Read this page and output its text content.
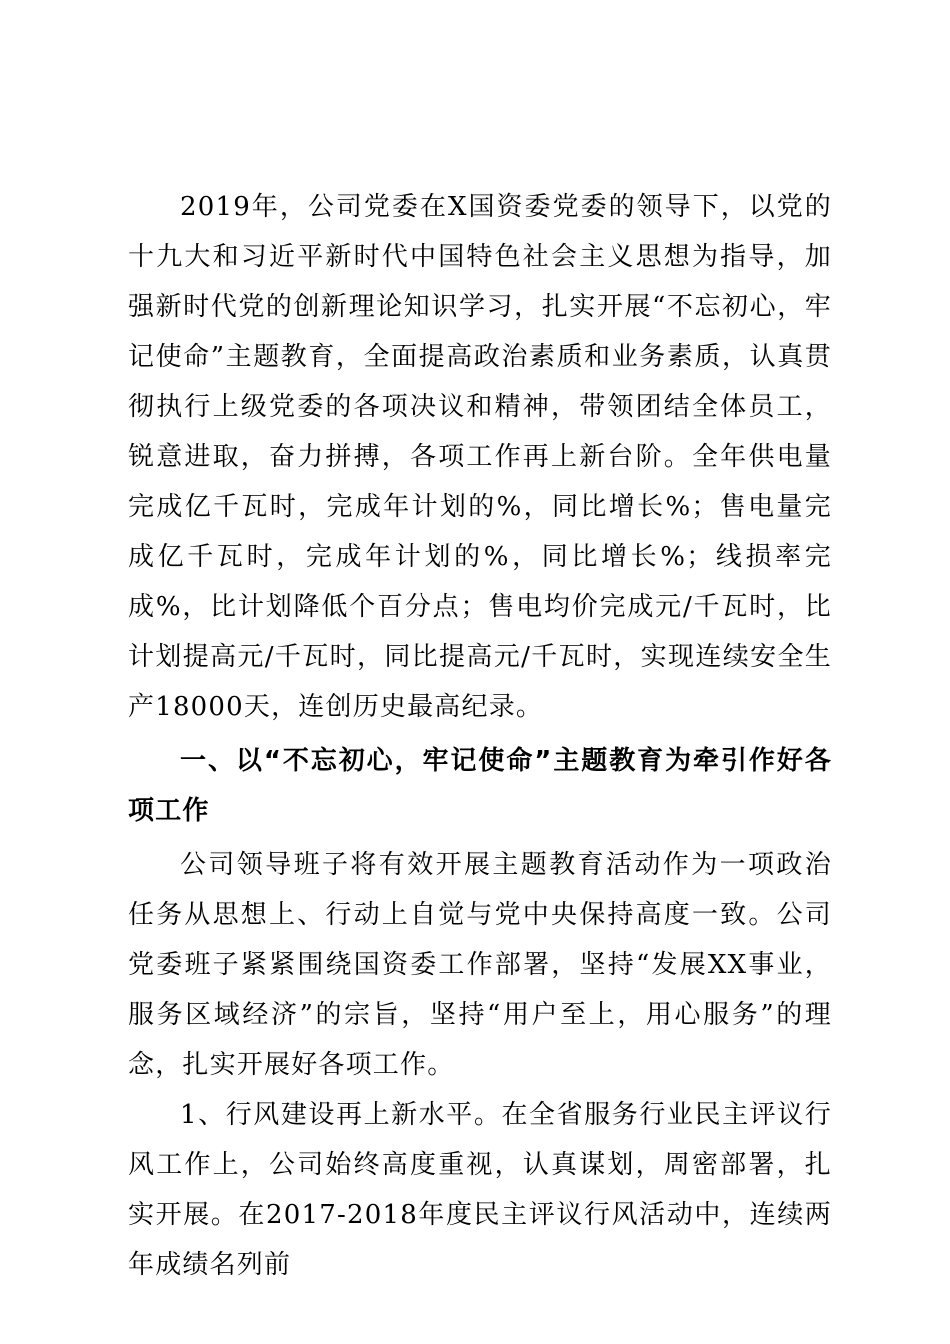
2019年，公司党委在X国资委党委的领导下，以党的十九大和习近平新时代中国特色社会主义思想为指导，加强新时代党的创新理论知识学习，扎实开展“不忘初心，牢记使命”主题教育，全面提高政治素质和业务素质，认真贯彻执行上级党委的各项决议和精神，带领团结全体员工，锐意进取，奋力拼搏，各项工作再上新台阶。全年供电量完成亿千瓦时，完成年计划的%，同比增长%；售电量完成亿千瓦时，完成年计划的%，同比增长%；线损率完成%，比计划降低个百分点；售电均价完成元/千瓦时，比计划提高元/千瓦时，同比提高元/千瓦时，实现连续安全生产18000天，连创历史最高纪录。

一、以“不忘初心，牢记使命”主题教育为牵引作好各项工作

公司领导班子将有效开展主题教育活动作为一项政治任务从思想上、行动上自觉与党中央保持高度一致。公司党委班子紧紧围绕国资委工作部署，坚持“发展XX事业，服务区域经济”的宗旨，坚持“用户至上，用心服务”的理念，扎实开展好各项工作。

1、行风建设再上新水平。在全省服务行业民主评议行风工作上，公司始终高度重视，认真谋划，周密部署，扎实开展。在2017-2018年度民主评议行风活动中，连续两年成绩名列前
